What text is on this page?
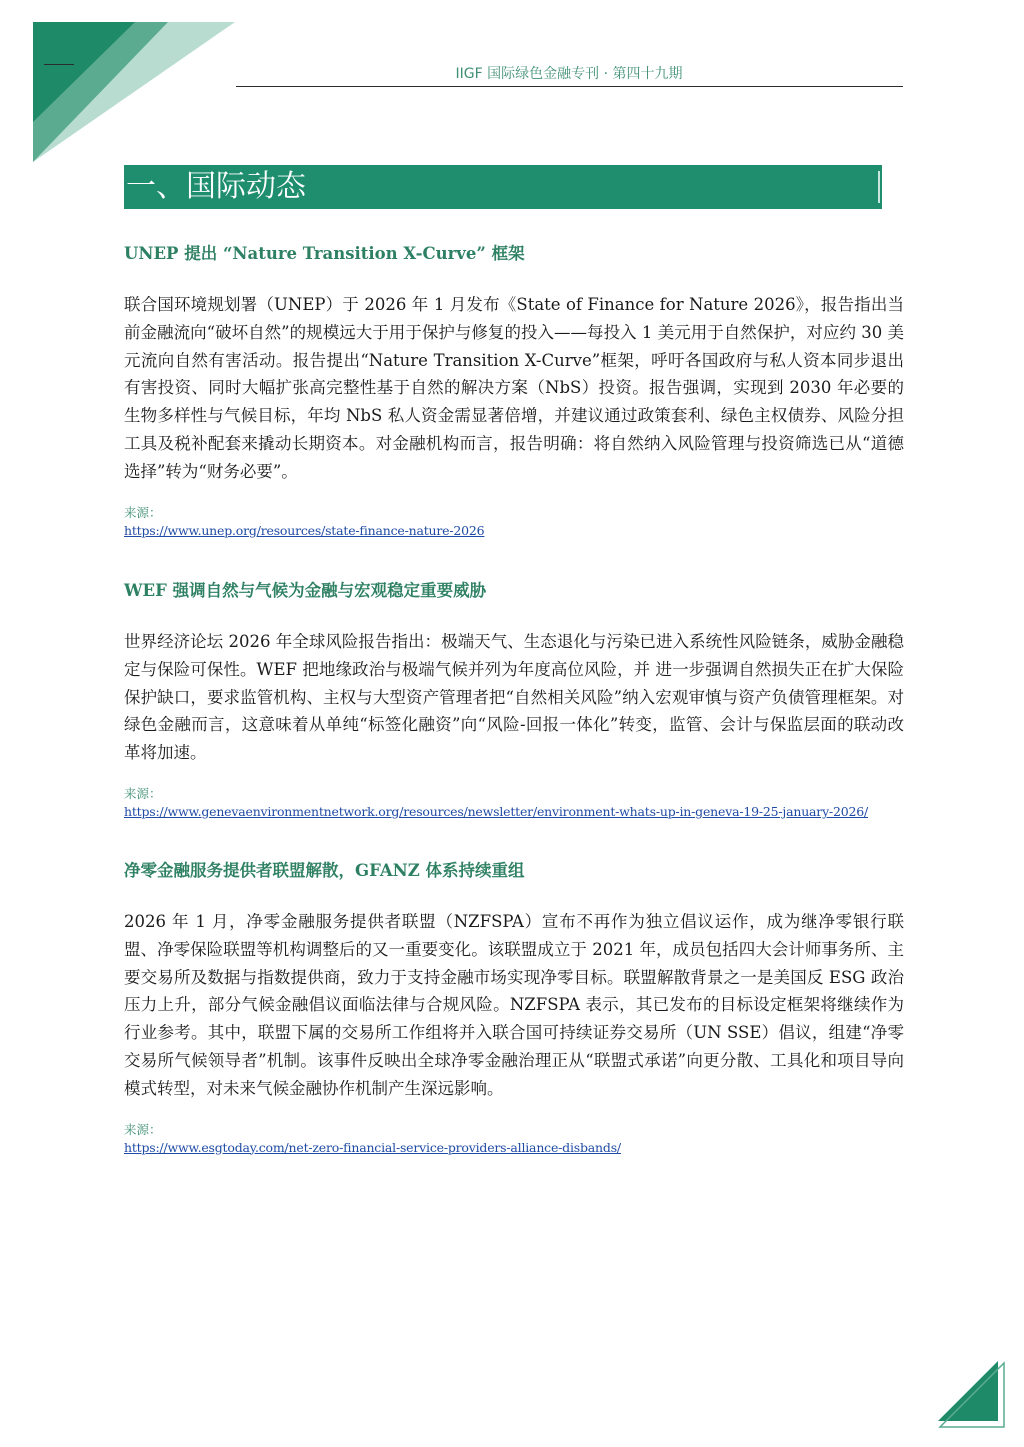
IIGF 国际绿色金融专刊 · 第四十九期
一、国际动态
UNEP 提出 “Nature Transition X-Curve” 框架

联合国环境规划署（UNEP）于 2026 年 1 月发布《State of Finance for Nature 2026》，报告指出当前金融流向“破坏自然”的规模远大于用于保护与修复的投入——每投入 1 美元用于自然保护，对应约 30 美元流向自然有害活动。报告提出“Nature Transition X-Curve”框架，呼吁各国政府与私人资本同步退出有害投资、同时大幅扩张高完整性基于自然的解决方案（NbS）投资。报告强调，实现到 2030 年必要的生物多样性与气候目标，年均 NbS 私人资金需显著倍增，并建议通过政策套利、绿色主权债券、风险分担工具及税补配套来撬动长期资本。对金融机构而言，报告明确：将自然纳入风险管理与投资筛选已从“道德选择”转为“财务必要”。

来源：

https://www.unep.org/resources/state-finance-nature-2026
WEF 强调自然与气候为金融与宏观稳定重要威胁

世界经济论坛 2026 年全球风险报告指出：极端天气、生态退化与污染已进入系统性风险链条，威胁金融稳定与保险可保性。WEF 把地缘政治与极端气候并列为年度高位风险，并 进一步强调自然损失正在扩大保险保护缺口，要求监管机构、主权与大型资产管理者把“自然相关风险”纳入宏观审慎与资产负债管理框架。对绿色金融而言，这意味着从单纯“标签化融资”向“风险-回报一体化”转变，监管、会计与保监层面的联动改革将加速。

来源：

https://www.genevaenvironmentnetwork.org/resources/newsletter/environment-whats-up-in-geneva-19-25-january-2026/
净零金融服务提供者联盟解散，GFANZ 体系持续重组

2026 年 1 月，净零金融服务提供者联盟（NZFSPA）宣布不再作为独立倡议运作，成为继净零银行联盟、净零保险联盟等机构调整后的又一重要变化。该联盟成立于 2021 年，成员包括四大会计师事务所、主要交易所及数据与指数提供商，致力于支持金融市场实现净零目标。联盟解散背景之一是美国反 ESG 政治压力上升，部分气候金融倡议面临法律与合规风险。NZFSPA 表示，其已发布的目标设定框架将继续作为行业参考。其中，联盟下属的交易所工作组将并入联合国可持续证券交易所（UN SSE）倡议，组建“净零交易所气候领导者”机制。该事件反映出全球净零金融治理正从“联盟式承诺”向更分散、工具化和项目导向模式转型，对未来气候金融协作机制产生深远影响。

来源：

https://www.esgtoday.com/net-zero-financial-service-providers-alliance-disbands/
